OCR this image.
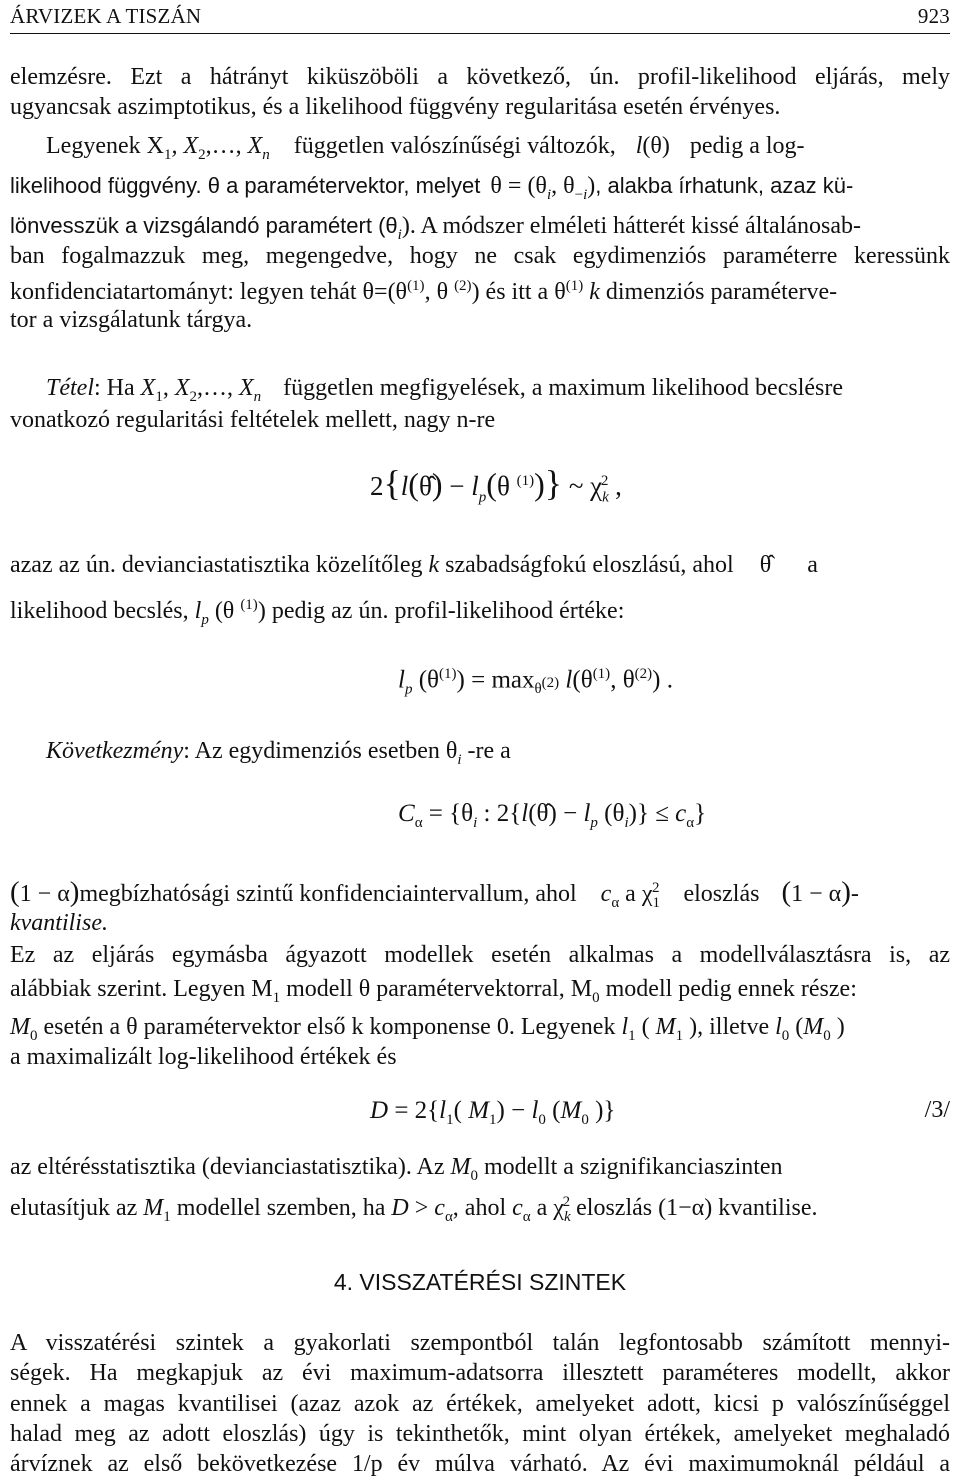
ÁRVIZEK A TISZÁN	923
elemzésre. Ezt a hátrányt kiküszöböli a következő, ún. profil-likelihood eljárás, mely
ugyancsak aszimptotikus, és a likelihood függvény regularitása esetén érvényes.
Legyenek $X_1$, $X_2,\dots$, $X_n$ független valószínűségi változók, l(θ) pedig a log-
likelihood függvény. θ a paramétervektor, melyet $\theta = (\theta_i$, $\theta_{-i}$), alakba írhatunk, azaz kü-
lönvesszük a vizsgálandó paramétert $(\theta_i)$. A módszer elméleti hátterét kissé általánosab-
ban fogalmazzuk meg, megengedve, hogy ne csak egydimenziós paraméterre keressünk
konfidenciatartományt: legyen tehát $\theta=(\theta^{(1)}$, θ $^{(2)}$) és itt a $\theta^{(1)}$ k dimenziós paraméterve-
tor a vizsgálatunk tárgya.
Tétel: Ha $X_1$, $X_2,\dots$, $X_n$ független megfigyelések, a maximum likelihood becslésre
vonatkozó regularitási feltételek mellett, nagy n-re
2{l(θ̂) − $l_p(\theta$ $^{(1)}$)} ~ $\chi_k^2$ ,
azaz az ún. devianciastatisztika közelítőleg k szabadságfokú eloszlású, ahol θ̂ a
likelihood becslés, $l_p$ (θ $^{(1)}$) pedig az ún. profil-likelihood értéke:
$l_p$ $(\theta^{(1)}) = \max_{\theta^{(2)}} l(\theta^{(1)}$, $\theta^{(2)}$) .
Következmény: Az egydimenziós esetben $\theta_i$ -re a
$C_\alpha = \{\theta_i$ : 2{l(θ̂) − $l_p$ $(\theta_i)\} \le c_\alpha$}
(1 − α)megbízhatósági szintű konfidenciaintervallum, ahol $c_\alpha$ a $\chi_1^2$ eloszlás (1 − α)-
kvantilise.
Ez az eljárás egymásba ágyazott modellek esetén alkalmas a modellválasztásra is, az
alábbiak szerint. Legyen $M_1$ modell θ paramétervektorral, $M_0$ modell pedig ennek része:
$M_0$ esetén a θ paramétervektor első k komponense 0. Legyenek $l_1$ ( $M_1$ ), illetve $l_0$ ($M_0$ )
a maximalizált log-likelihood értékek és
$D = 2\{l_1$( $M_1) - l_0$ ($M_0$ )}	/3/
az eltérésstatisztika (devianciastatisztika). Az $M_0$ modellt a szignifikanciaszinten
elutasítjuk az $M_1$ modellel szemben, ha $D > c_\alpha$, ahol $c_\alpha$ a $\chi_k^2$ eloszlás (1−α) kvantilise.
4. VISSZATÉRÉSI SZINTEK
A visszatérési szintek a gyakorlati szempontból talán legfontosabb számított mennyi-
ségek. Ha megkapjuk az évi maximum-adatsorra illesztett paraméteres modellt, akkor
ennek a magas kvantilisei (azaz azok az értékek, amelyeket adott, kicsi p valószínűséggel
halad meg az adott eloszlás) úgy is tekinthetők, mint olyan értékek, amelyeket meghaladó
árvíznek az első bekövetkezése 1/p év múlva várható. Az évi maximumoknál például a
